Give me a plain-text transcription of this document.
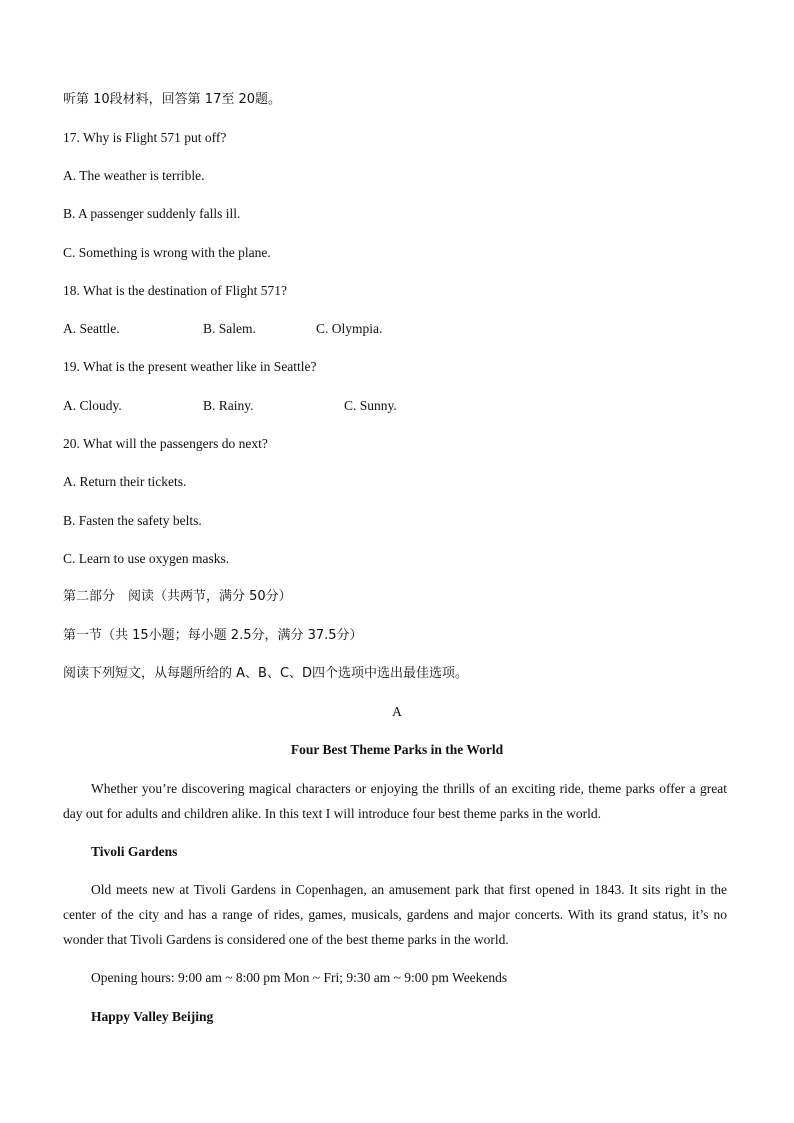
听第 10段材料，回答第 17至 20题。
17. Why is Flight 571 put off?
A. The weather is terrible.
B. A passenger suddenly falls ill.
C. Something is wrong with the plane.
18. What is the destination of Flight 571?
A. Seattle.	B. Salem.	C. Olympia.
19. What is the present weather like in Seattle?
A. Cloudy.	B. Rainy.	C. Sunny.
20. What will the passengers do next?
A. Return their tickets.
B. Fasten the safety belts.
C. Learn to use oxygen masks.
第二部分　阅读（共两节，满分 50分）
第一节（共 15小题；每小题 2.5分，满分 37.5分）
阅读下列短文，从每题所给的 A、B、C、D四个选项中选出最佳选项。
A
Four Best Theme Parks in the World
Whether you’re discovering magical characters or enjoying the thrills of an exciting ride, theme parks offer a great day out for adults and children alike. In this text I will introduce four best theme parks in the world.
Tivoli Gardens
Old meets new at Tivoli Gardens in Copenhagen, an amusement park that first opened in 1843. It sits right in the center of the city and has a range of rides, games, musicals, gardens and major concerts. With its grand status, it’s no wonder that Tivoli Gardens is considered one of the best theme parks in the world.
Opening hours: 9:00 am ~ 8:00 pm Mon ~ Fri; 9:30 am ~ 9:00 pm Weekends
Happy Valley Beijing
